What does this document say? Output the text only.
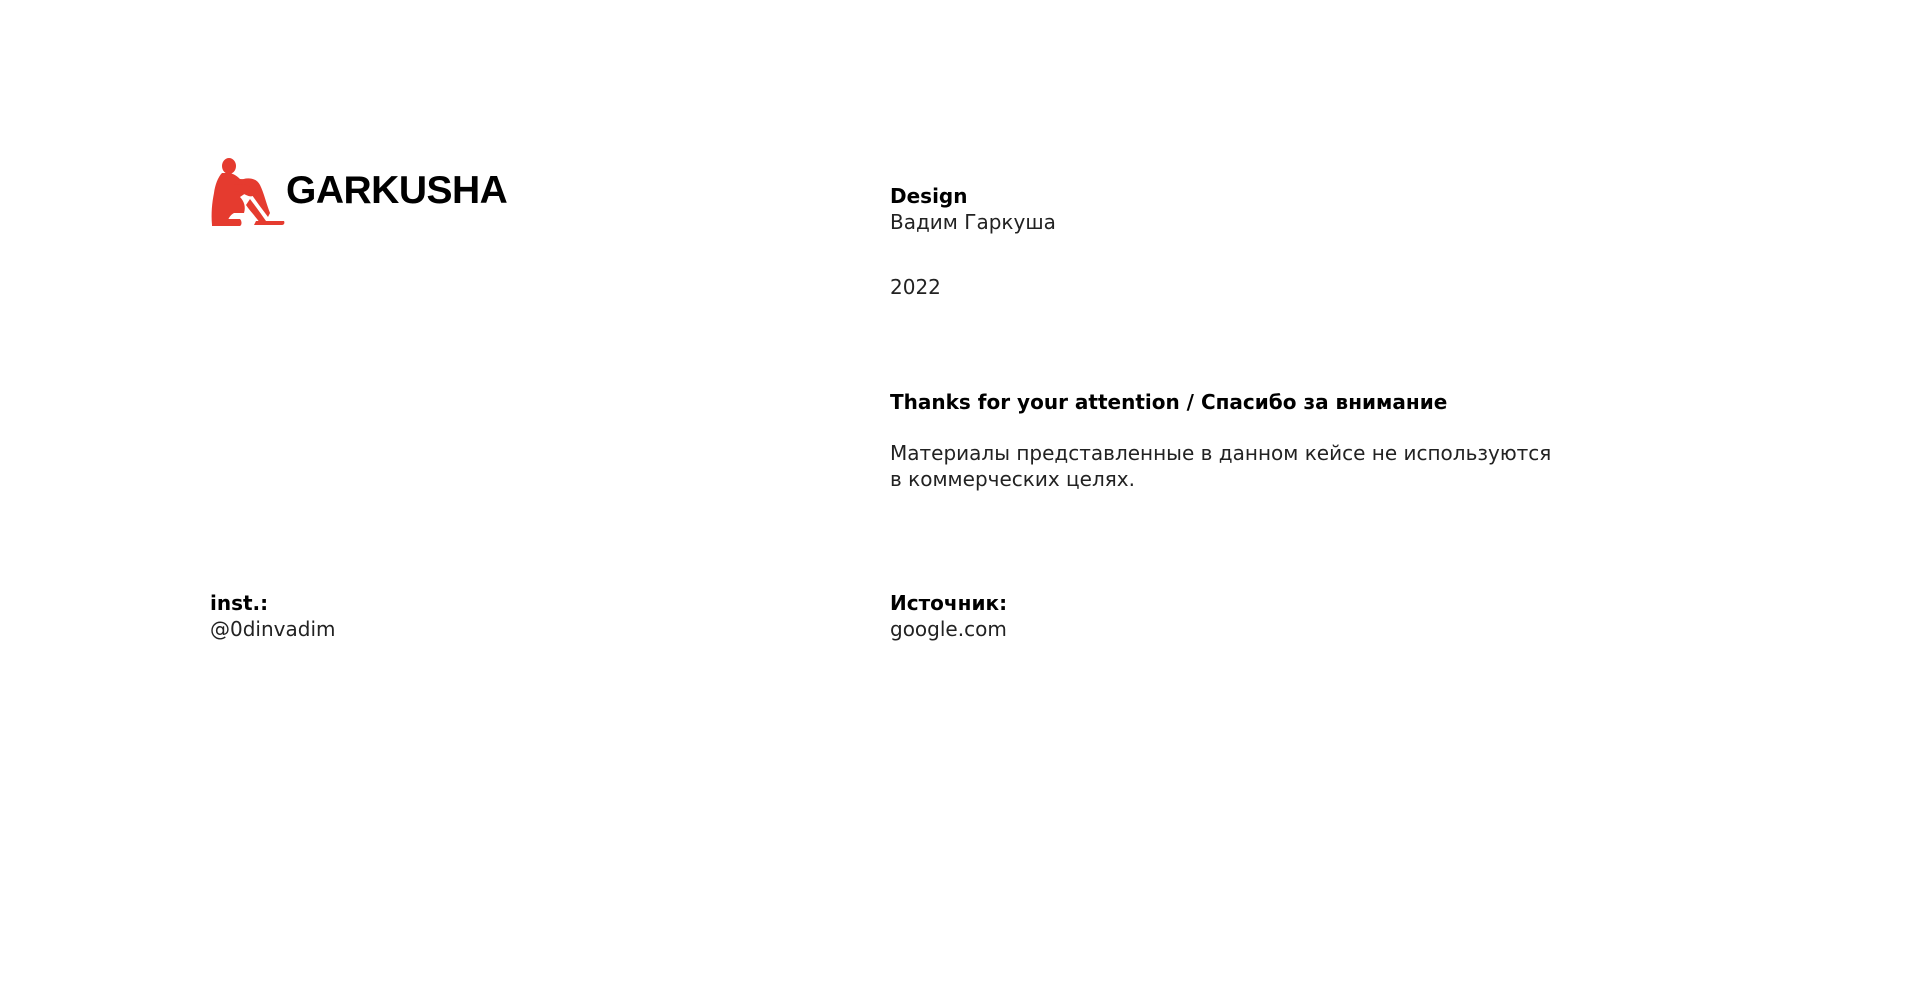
GARKUSHA	Design
Вадим Гаркуша
2022
Thanks for your attention / Спасибо за внимание
Материалы представленные в данном кейсе не используются
в коммерческих целях.
inst.:
@0dinvadim
Источник:
google.com
